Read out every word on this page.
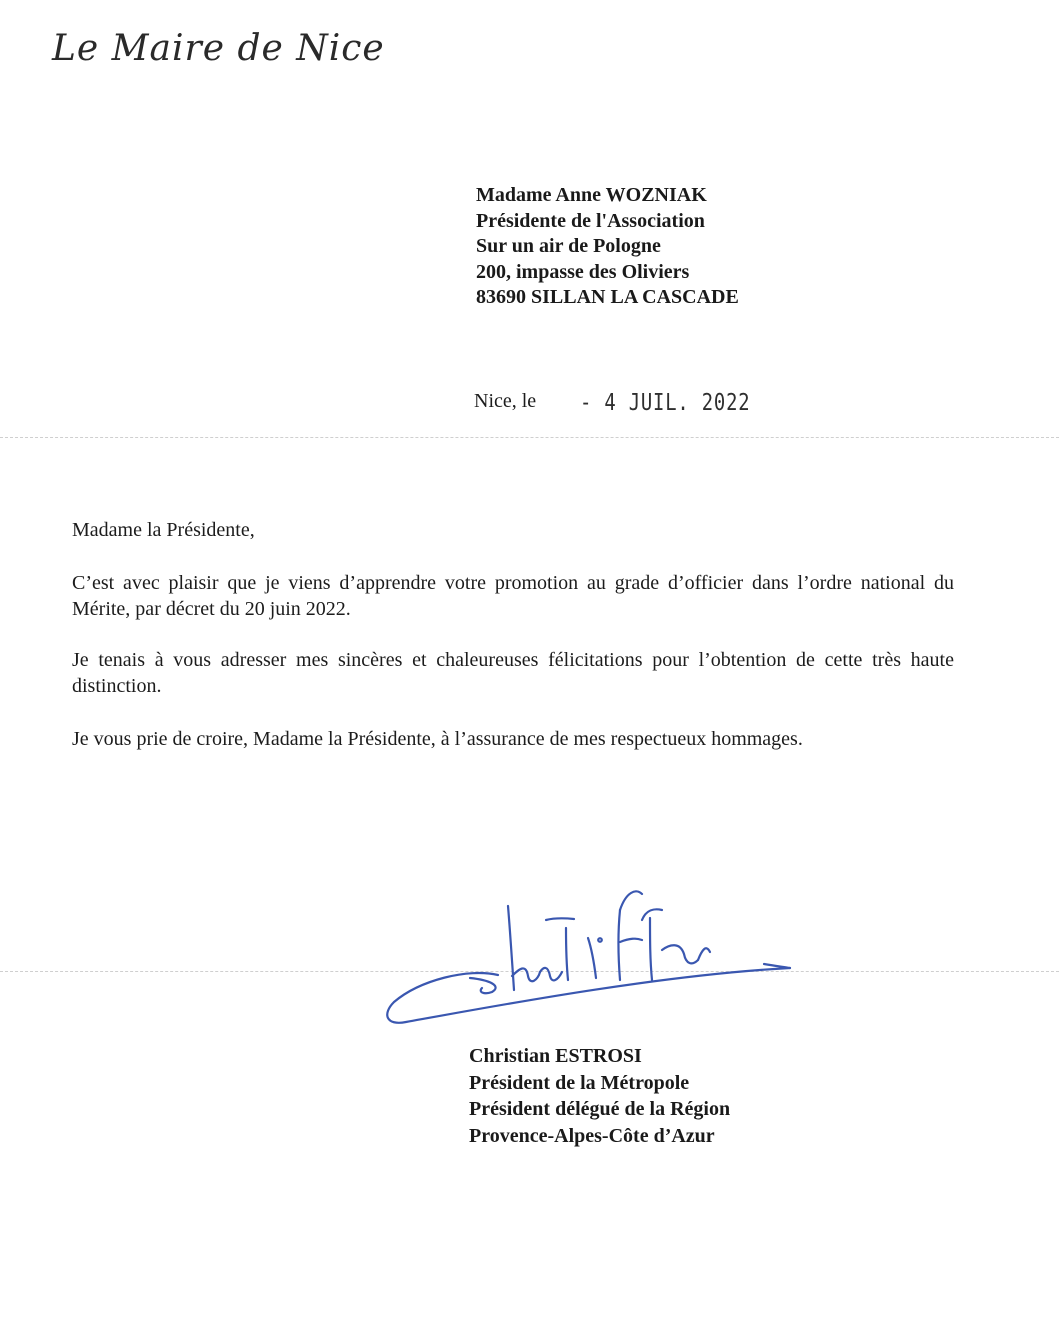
Le Maire de Nice
Madame Anne WOZNIAK
Présidente de l'Association
Sur un air de Pologne
200, impasse des Oliviers
83690 SILLAN LA CASCADE
Nice, le - 4 JUIL. 2022
Madame la Présidente,
C’est avec plaisir que je viens d’apprendre votre promotion au grade d’officier dans l’ordre national du Mérite, par décret du 20 juin 2022.
Je tenais à vous adresser mes sincères et chaleureuses félicitations pour l’obtention de cette très haute distinction.
Je vous prie de croire, Madame la Présidente, à l’assurance de mes respectueux hommages.
Christian ESTROSI
Président de la Métropole
Président délégué de la Région
Provence-Alpes-Côte d’Azur
